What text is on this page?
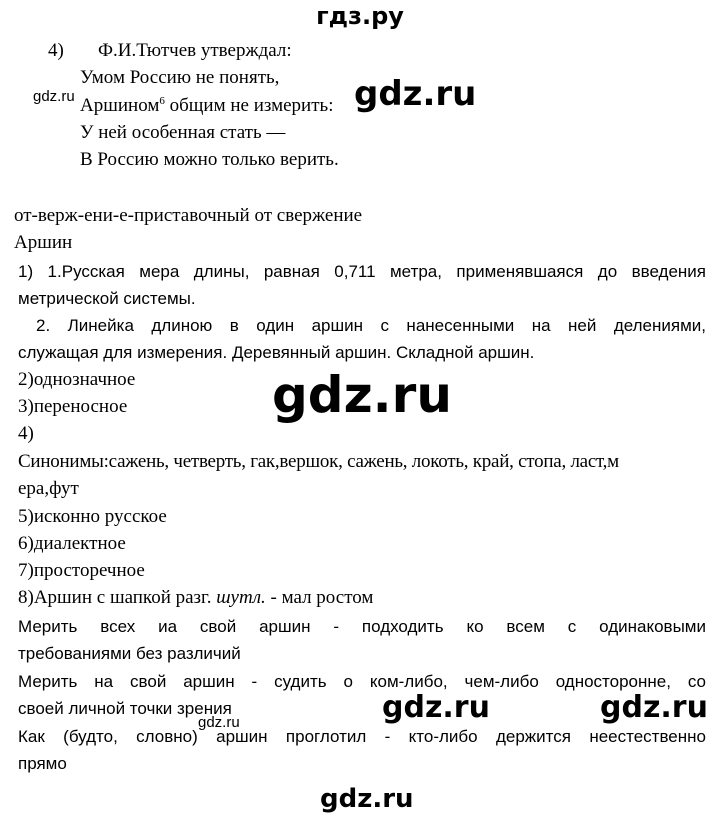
гдз.ру
4) Ф.И.Тютчев утверждал:
Умом Россию не понять,
gdz.ru Аршином$^6$ общим не измерить: gdz.ru
У ней особенная стать —
В Россию можно только верить.
от-верж-ени-е-приставочный от свержение
Аршин
1) 1.Русская мера длины, равная 0,711 метра, применявшаяся до введения
метрической системы.
2. Линейка длиною в один аршин с нанесенными на ней делениями,
служащая для измерения. Деревянный аршин. Складной аршин.
2)однозначное	gdz.ru
3)переносное
4)
Синонимы:сажень, четверть, гак,вершок, сажень, локоть, край, стопа, ласт,м
ера,фут
5)исконно русское
6)диалектное
7)просторечное
8)Аршин с шапкой разг. шутл. - мал ростом
Мерить всех иа свой аршин - подходить ко всем с одинаковыми
требованиями без различий
Мерить на свой аршин - судить о ком-либо, чем-либо односторонне, со
своей личной точки зрения
gdz.ru	gdz.ru	gdz.ru
Как (будто, словно) аршин проглотил - кто-либо держится неестественно
прямо
gdz.ru
